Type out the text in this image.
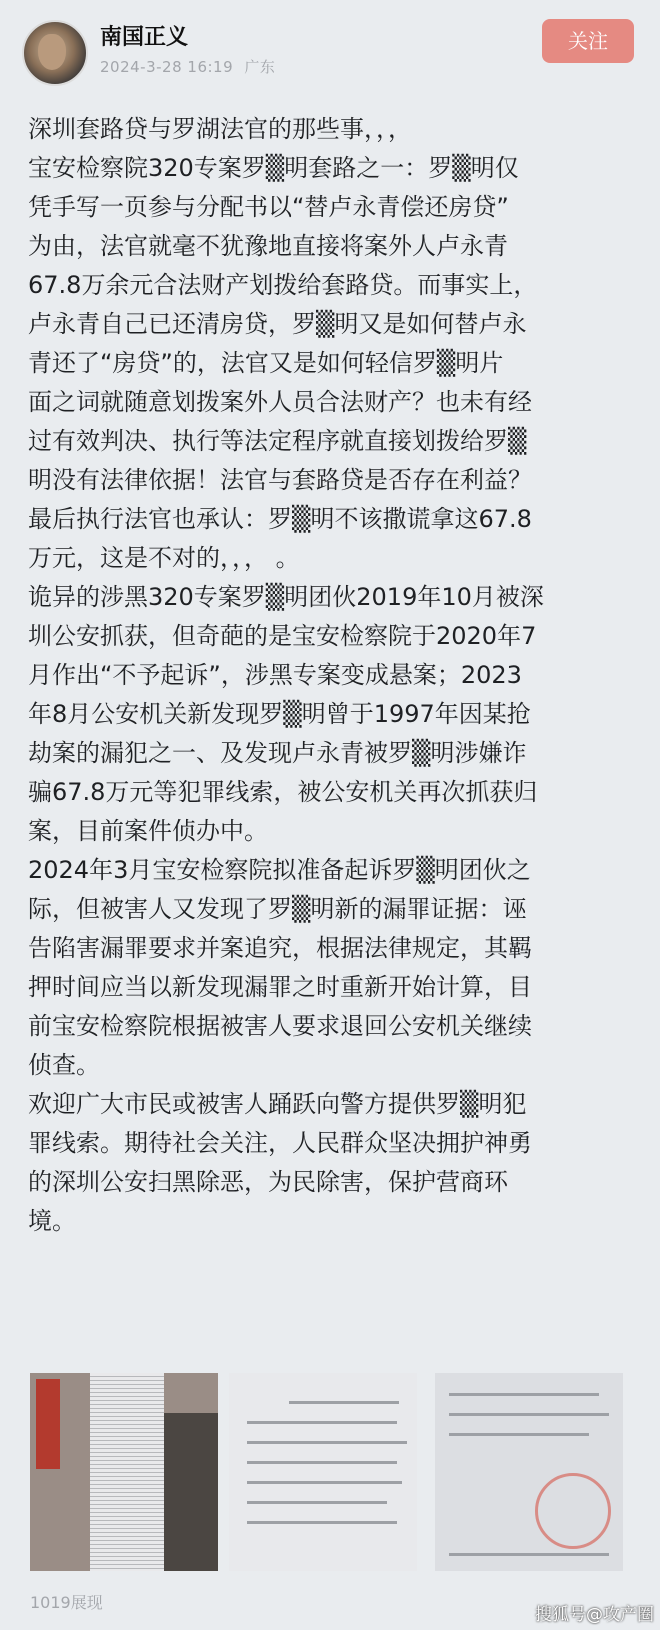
南国正义
2024-3-28 16:19 广东
关注

深圳套路贷与罗湖法官的那些事，，，

宝安检察院320专案罗▒明套路之一：罗▒明仅

凭手写一页参与分配书以“替卢永青偿还房贷”

为由，法官就毫不犹豫地直接将案外人卢永青

67.8万余元合法财产划拨给套路贷。而事实上，

卢永青自己已还清房贷，罗▒明又是如何替卢永

青还了“房贷”的，法官又是如何轻信罗▒明片

面之词就随意划拨案外人员合法财产？也未有经

过有效判决、执行等法定程序就直接划拨给罗▒

明没有法律依据！法官与套路贷是否存在利益？

最后执行法官也承认：罗▒明不该撒谎拿这67.8

万元，这是不对的，，， 。

诡异的涉黑320专案罗▒明团伙2019年10月被深

圳公安抓获，但奇葩的是宝安检察院于2020年7

月作出“不予起诉”，涉黑专案变成悬案；2023

年8月公安机关新发现罗▒明曾于1997年因某抢

劫案的漏犯之一、及发现卢永青被罗▒明涉嫌诈

骗67.8万元等犯罪线索，被公安机关再次抓获归

案，目前案件侦办中。

2024年3月宝安检察院拟准备起诉罗▒明团伙之

际，但被害人又发现了罗▒明新的漏罪证据：诬

告陷害漏罪要求并案追究，根据法律规定，其羁

押时间应当以新发现漏罪之时重新开始计算，目

前宝安检察院根据被害人要求退回公安机关继续

侦查。

欢迎广大市民或被害人踊跃向警方提供罗▒明犯

罪线索。期待社会关注，人民群众坚决拥护神勇

的深圳公安扫黑除恶，为民除害，保护营商环

境。

1019展现
搜狐号@攻产圈
